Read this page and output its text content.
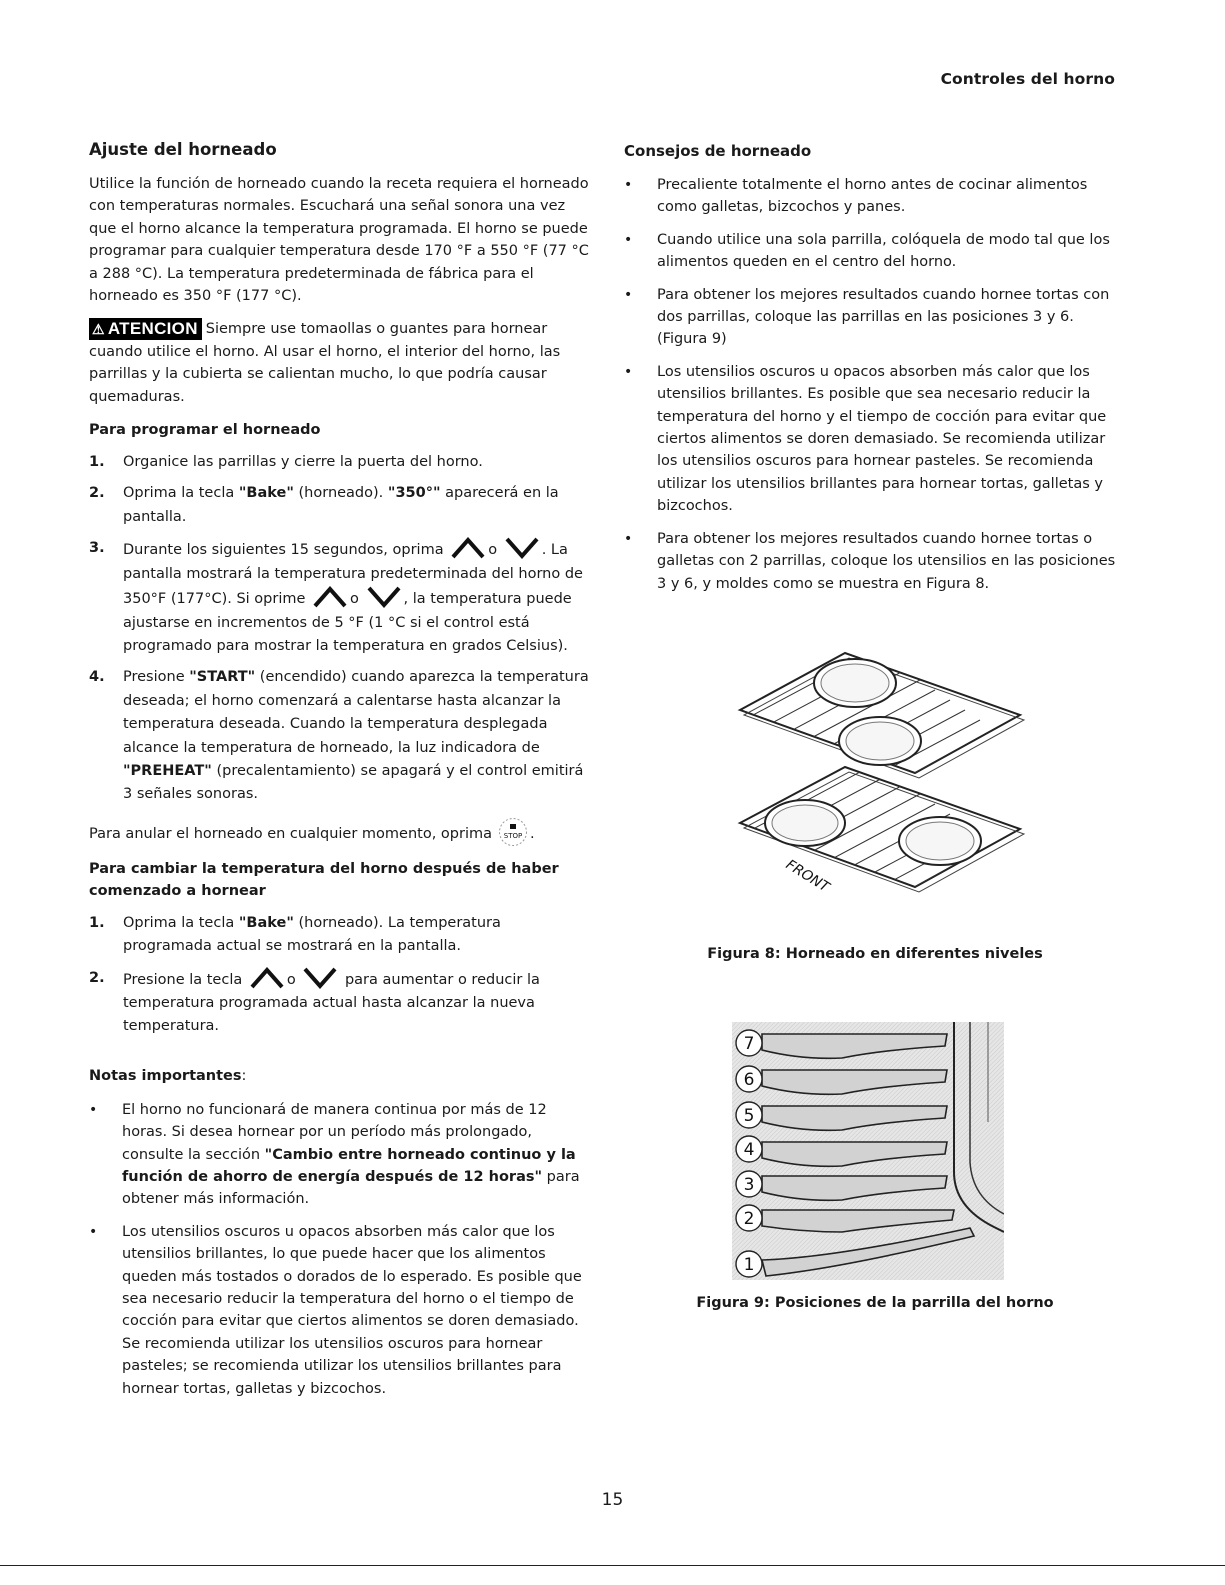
Controles del horno
Ajuste del horneado

Utilice la función de horneado cuando la receta requiera el horneado con temperaturas normales. Escuchará una señal sonora una vez que el horno alcance la temperatura programada. El horno se puede programar para cualquier temperatura desde 170 °F a 550 °F (77 °C a 288 °C). La temperatura predeterminada de fábrica para el horneado es 350 °F (177 °C).

⚠ ATENCION Siempre use tomaollas o guantes para hornear cuando utilice el horno. Al usar el horno, el interior del horno, las parrillas y la cubierta se calientan mucho, lo que podría causar quemaduras.

Para programar el horneado
1. Organice las parrillas y cierre la puerta del horno.
2. Oprima la tecla "Bake" (horneado). "350°" aparecerá en la pantalla.
3. Durante los siguientes 15 segundos, oprima	o	. La pantalla mostrará la temperatura predeterminada del horno de 350°F (177°C). Si oprime	o	, la temperatura puede ajustarse en incrementos de 5 °F (1 °C si el control está programado para mostrar la temperatura en grados Celsius).
4. Presione "START" (encendido) cuando aparezca la temperatura deseada; el horno comenzará a calentarse hasta alcanzar la temperatura deseada. Cuando la temperatura desplegada alcance la temperatura de horneado, la luz indicadora de "PREHEAT" (precalentamiento) se apagará y el control emitirá 3 señales sonoras.

Para anular el horneado en cualquier momento, oprima STOP .

Para cambiar la temperatura del horno después de haber comenzado a hornear
1. Oprima la tecla "Bake" (horneado). La temperatura programada actual se mostrará en la pantalla.
2. Presione la tecla	o	para aumentar o reducir la temperatura programada actual hasta alcanzar la nueva temperatura.
Notas importantes:
• El horno no funcionará de manera continua por más de 12 horas. Si desea hornear por un período más prolongado, consulte la sección "Cambio entre horneado continuo y la función de ahorro de energía después de 12 horas" para obtener más información.
• Los utensilios oscuros u opacos absorben más calor que los utensilios brillantes, lo que puede hacer que los alimentos queden más tostados o dorados de lo esperado. Es posible que sea necesario reducir la temperatura del horno o el tiempo de cocción para evitar que ciertos alimentos se doren demasiado. Se recomienda utilizar los utensilios oscuros para hornear pasteles; se recomienda utilizar los utensilios brillantes para hornear tortas, galletas y bizcochos.
Consejos de horneado
• Precaliente totalmente el horno antes de cocinar alimentos como galletas, bizcochos y panes.
• Cuando utilice una sola parrilla, colóquela de modo tal que los alimentos queden en el centro del horno.
• Para obtener los mejores resultados cuando hornee tortas con dos parrillas, coloque las parrillas en las posiciones 3 y 6. (Figura 9)
• Los utensilios oscuros u opacos absorben más calor que los utensilios brillantes. Es posible que sea necesario reducir la temperatura del horno y el tiempo de cocción para evitar que ciertos alimentos se doren demasiado. Se recomienda utilizar los utensilios oscuros para hornear pasteles. Se recomienda utilizar los utensilios brillantes para hornear tortas, galletas y bizcochos.
• Para obtener los mejores resultados cuando hornee tortas o galletas con 2 parrillas, coloque los utensilios en las posiciones 3 y 6, y moldes como se muestra en Figura 8.
FRONT
Figura 8: Horneado en diferentes niveles
7
6
5
4
3
2
1
Figura 9: Posiciones de la parrilla del horno
15
